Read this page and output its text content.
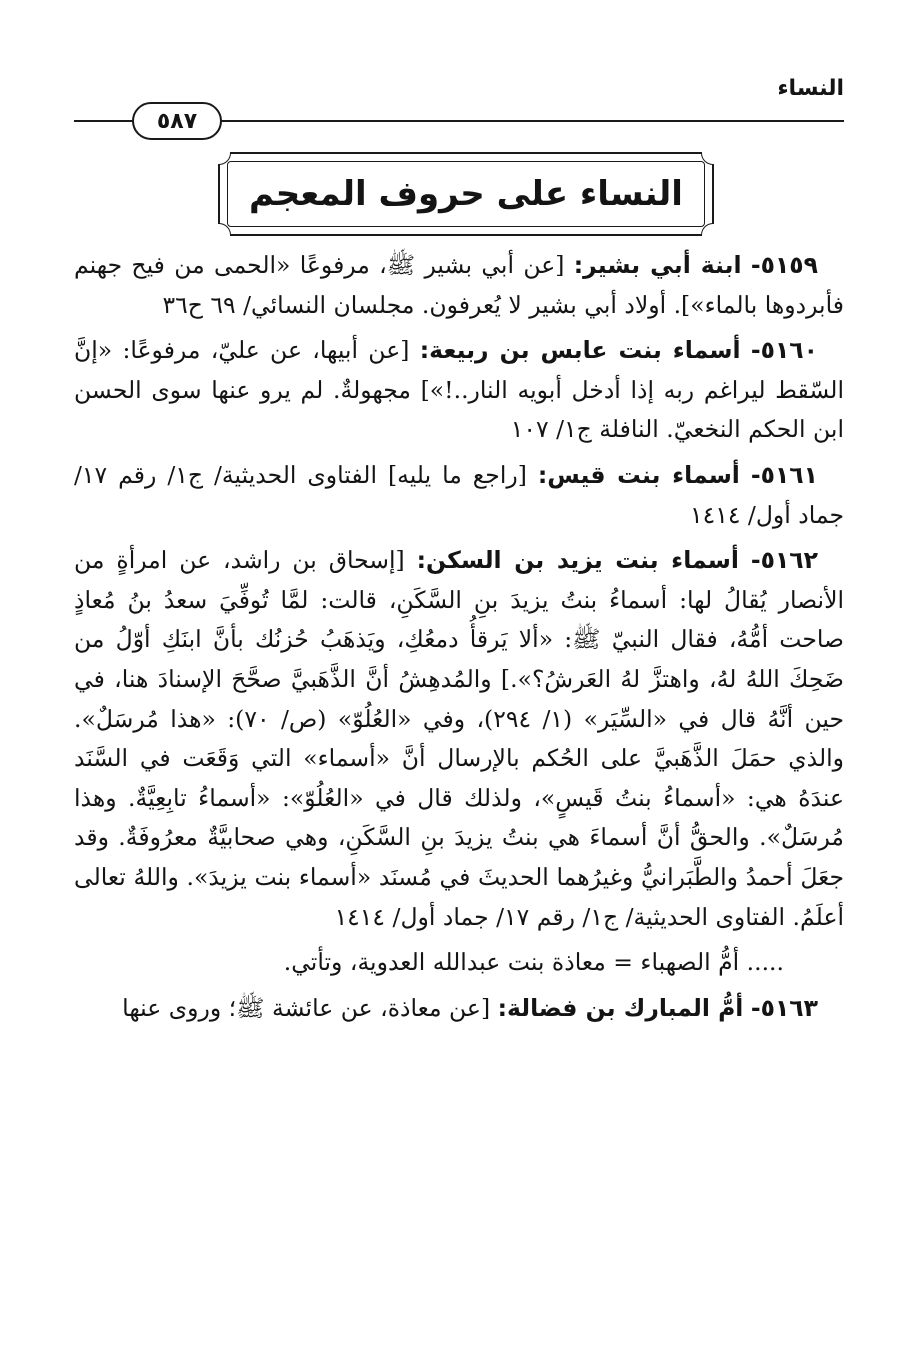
النساء
٥٨٧
النساء على حروف المعجم

٥١٥٩- ابنة أبي بشير: [عن أبي بشير ﷺ، مرفوعًا «الحمى من فيح جهنم فأبردوها بالماء»]. أولاد أبي بشير لا يُعرفون. مجلسان النسائي/ ٦٩ ح٣٦

٥١٦٠- أسماء بنت عابس بن ربيعة: [عن أبيها، عن عليّ، مرفوعًا: «إنَّ السّقط ليراغم ربه إذا أدخل أبويه النار..!»] مجهولةٌ. لم يرو عنها سوى الحسن ابن الحكم النخعيّ. النافلة ج١/ ١٠٧

٥١٦١- أسماء بنت قيس: [راجع ما يليه] الفتاوى الحديثية/ ج١/ رقم ١٧/ جماد أول/ ١٤١٤

٥١٦٢- أسماء بنت يزيد بن السكن: [إسحاق بن راشد، عن امرأةٍ من الأنصار يُقالُ لها: أسماءُ بنتُ يزيدَ بنِ السَّكَنِ، قالت: لمَّا تُوفِّيَ سعدُ بنُ مُعاذٍ صاحت أمُّهُ، فقال النبيّ ﷺ: «ألا يَرقأُ دمعُكِ، ويَذهَبُ حُزنُك بأنَّ ابنَكِ أوّلُ من ضَحِكَ اللهُ لهُ، واهتزَّ لهُ العَرشُ؟».] والمُدهِشُ أنَّ الذَّهَبيَّ صحَّحَ الإسنادَ هنا، في حين أنَّهُ قال في «السِّيَر» (١/ ٢٩٤)، وفي «العُلُوّ» (ص/ ٧٠): «هذا مُرسَلٌ». والذي حمَلَ الذَّهَبيَّ على الحُكم بالإرسال أنَّ «أسماء» التي وَقَعَت في السَّنَد عندَهُ هي: «أسماءُ بنتُ قَيسٍ»، ولذلك قال في «العُلُوّ»: «أسماءُ تابِعِيَّةٌ. وهذا مُرسَلٌ». والحقُّ أنَّ أسماءَ هي بنتُ يزيدَ بنِ السَّكَنِ، وهي صحابيَّةٌ معرُوفَةٌ. وقد جعَلَ أحمدُ والطَّبَرانيُّ وغيرُهما الحديثَ في مُسنَد «أسماء بنت يزيدَ». واللهُ تعالى أعلَمُ. الفتاوى الحديثية/ ج١/ رقم ١٧/ جماد أول/ ١٤١٤

..... أمُّ الصهباء = معاذة بنت عبدالله العدوية، وتأتي.

٥١٦٣- أمُّ المبارك بن فضالة: [عن معاذة، عن عائشة ﷺ؛ وروى عنها
